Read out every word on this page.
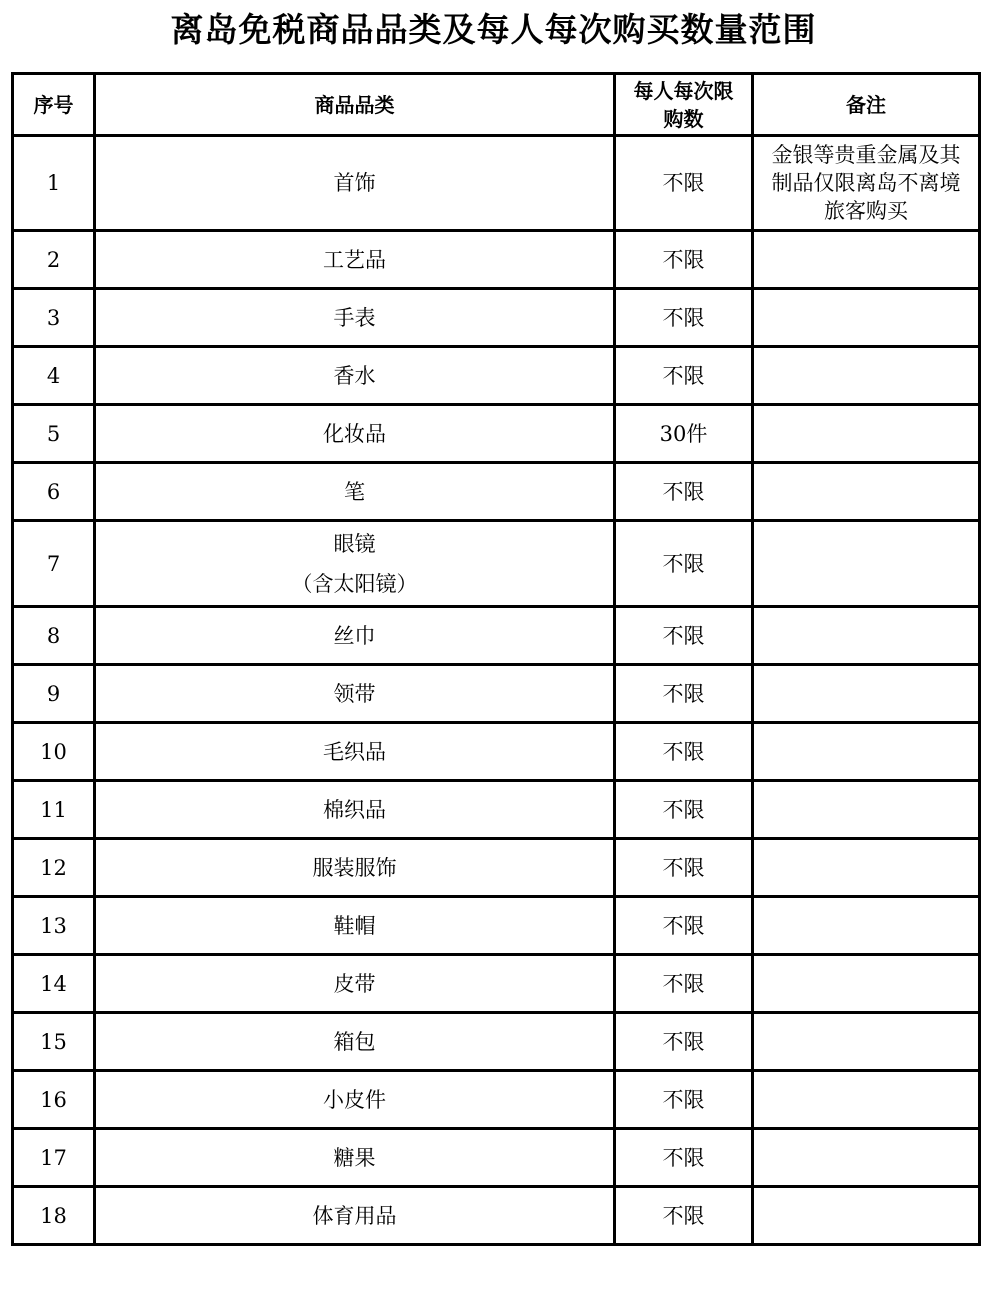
离岛免税商品品类及每人每次购买数量范围
序号	商品品类	每人每次限
购数	备注
1	首饰	不限	金银等贵重金属及其
制品仅限离岛不离境
旅客购买

2	工艺品	不限	
3	手表	不限	
4	香水	不限	
5	化妆品	30件	
6	笔	不限	
7	眼镜
（含太阳镜）	不限	
8	丝巾	不限	
9	领带	不限	
10	毛织品	不限	
11	棉织品	不限	
12	服装服饰	不限	
13	鞋帽	不限	
14	皮带	不限	
15	箱包	不限	
16	小皮件	不限	
17	糖果	不限	
18	体育用品	不限	
